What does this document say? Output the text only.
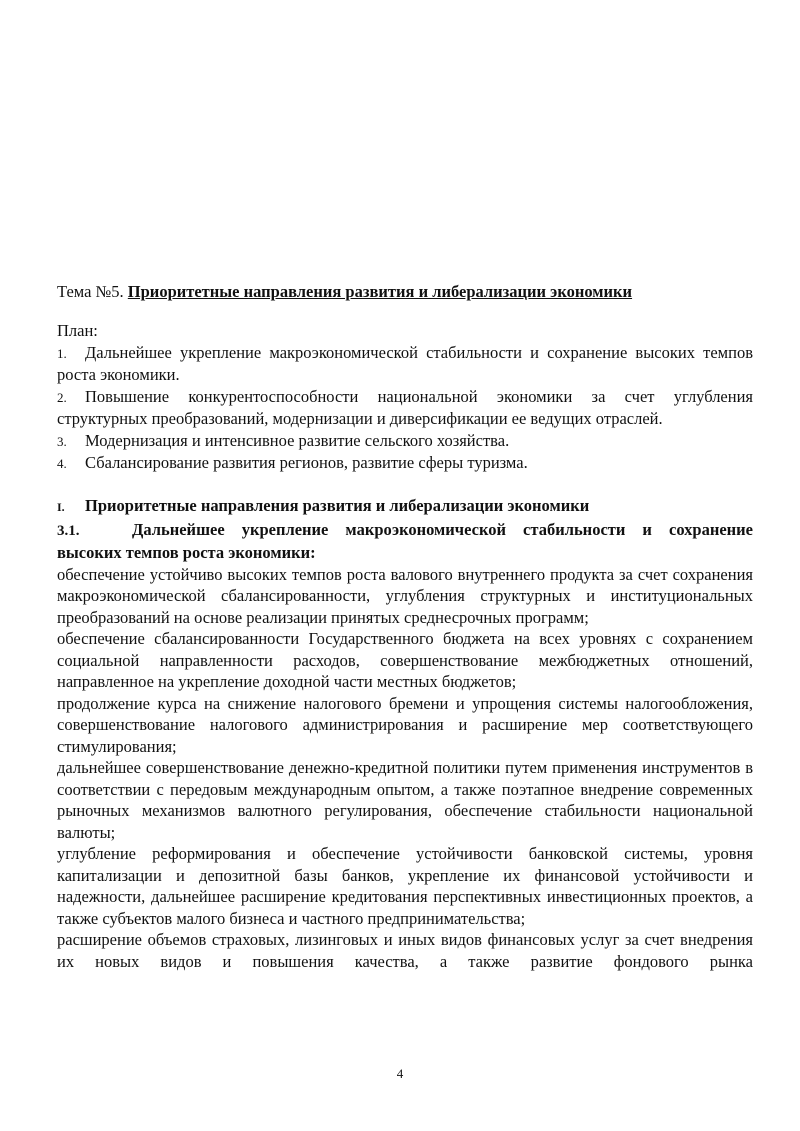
Тема №5. Приоритетные направления развития и либерализации экономики

План:

1. Дальнейшее укрепление макроэкономической стабильности и сохранение высоких темпов роста экономики.
2. Повышение конкурентоспособности национальной экономики за счет углубления структурных преобразований, модернизации и диверсификации ее ведущих отраслей.
3. Модернизация и интенсивное развитие сельского хозяйства.
4. Сбалансирование развития регионов, развитие сферы туризма.

I. Приоритетные направления развития и либерализации экономики

3.1.	Дальнейшее укрепление макроэкономической стабильности и сохранение высоких темпов роста экономики:

обеспечение устойчиво высоких темпов роста валового внутреннего продукта за счет сохранения макроэкономической сбалансированности, углубления структурных и институциональных преобразований на основе реализации принятых среднесрочных программ;

обеспечение сбалансированности Государственного бюджета на всех уровнях с сохранением социальной направленности расходов, совершенствование межбюджетных отношений, направленное на укрепление доходной части местных бюджетов;

продолжение курса на снижение налогового бремени и упрощения системы налогообложения, совершенствование налогового администрирования и расширение мер соответствующего стимулирования;

дальнейшее совершенствование денежно-кредитной политики путем применения инструментов в соответствии с передовым международным опытом, а также поэтапное внедрение современных рыночных механизмов валютного регулирования, обеспечение стабильности национальной валюты;

углубление реформирования и обеспечение устойчивости банковской системы, уровня капитализации и депозитной базы банков, укрепление их финансовой устойчивости и надежности, дальнейшее расширение кредитования перспективных инвестиционных проектов, а также субъектов малого бизнеса и частного предпринимательства;

расширение объемов страховых, лизинговых и иных видов финансовых услуг за счет внедрения их новых видов и повышения качества, а также развитие фондового рынка

4
